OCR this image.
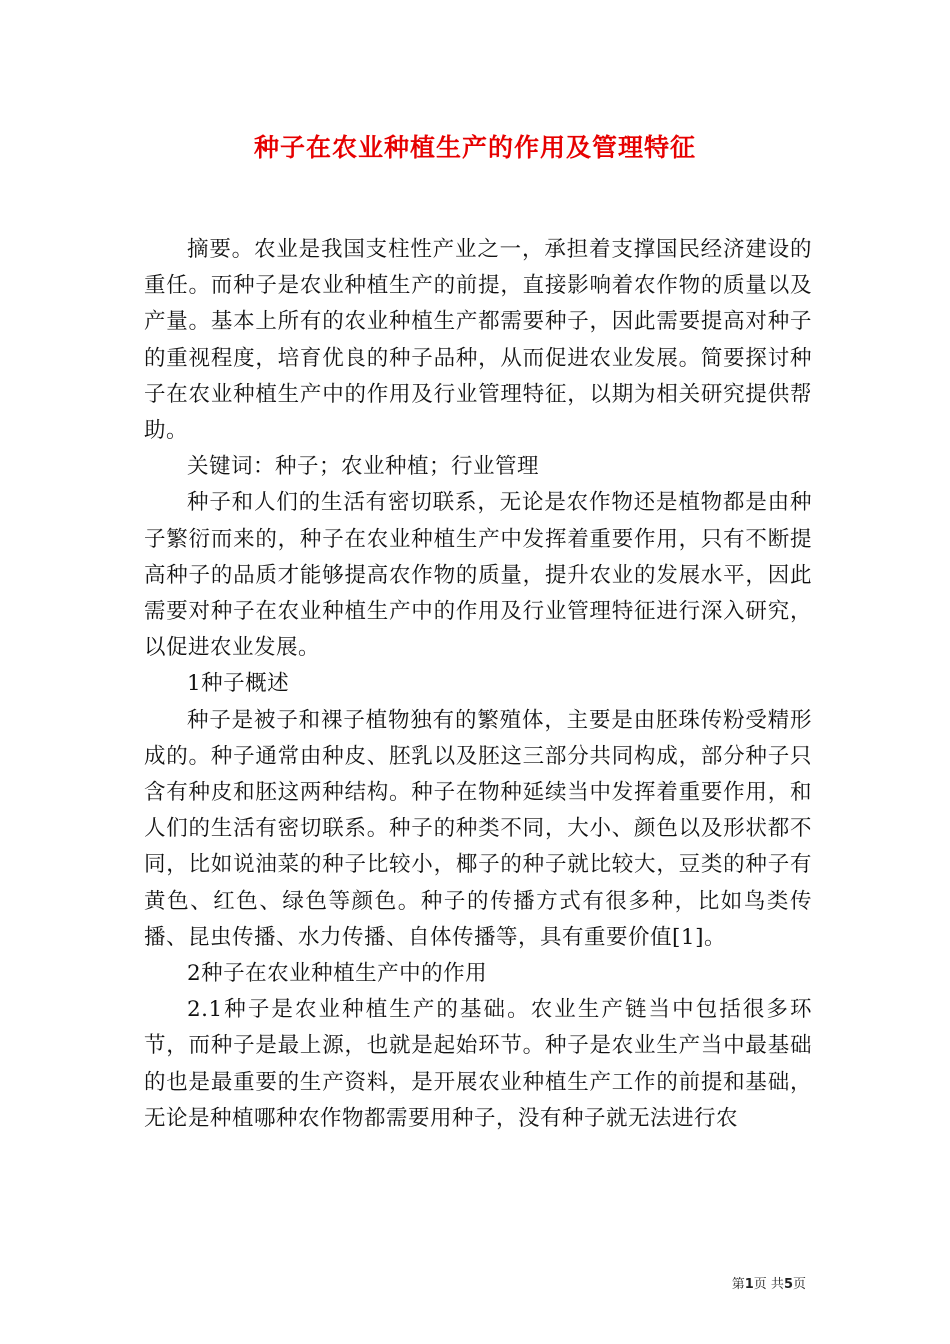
种子在农业种植生产的作用及管理特征

摘要。农业是我国支柱性产业之一，承担着支撑国民经济建设的重任。而种子是农业种植生产的前提，直接影响着农作物的质量以及产量。基本上所有的农业种植生产都需要种子，因此需要提高对种子的重视程度，培育优良的种子品种，从而促进农业发展。简要探讨种子在农业种植生产中的作用及行业管理特征，以期为相关研究提供帮助。

关键词：种子；农业种植；行业管理

种子和人们的生活有密切联系，无论是农作物还是植物都是由种子繁衍而来的，种子在农业种植生产中发挥着重要作用，只有不断提高种子的品质才能够提高农作物的质量，提升农业的发展水平，因此需要对种子在农业种植生产中的作用及行业管理特征进行深入研究，以促进农业发展。

1种子概述

种子是被子和裸子植物独有的繁殖体，主要是由胚珠传粉受精形成的。种子通常由种皮、胚乳以及胚这三部分共同构成，部分种子只含有种皮和胚这两种结构。种子在物种延续当中发挥着重要作用，和人们的生活有密切联系。种子的种类不同，大小、颜色以及形状都不同，比如说油菜的种子比较小，椰子的种子就比较大，豆类的种子有黄色、红色、绿色等颜色。种子的传播方式有很多种，比如鸟类传播、昆虫传播、水力传播、自体传播等，具有重要价值[1]。

2种子在农业种植生产中的作用

2.1种子是农业种植生产的基础。农业生产链当中包括很多环节，而种子是最上源，也就是起始环节。种子是农业生产当中最基础的也是最重要的生产资料，是开展农业种植生产工作的前提和基础，无论是种植哪种农作物都需要用种子，没有种子就无法进行农

第1页 共5页
